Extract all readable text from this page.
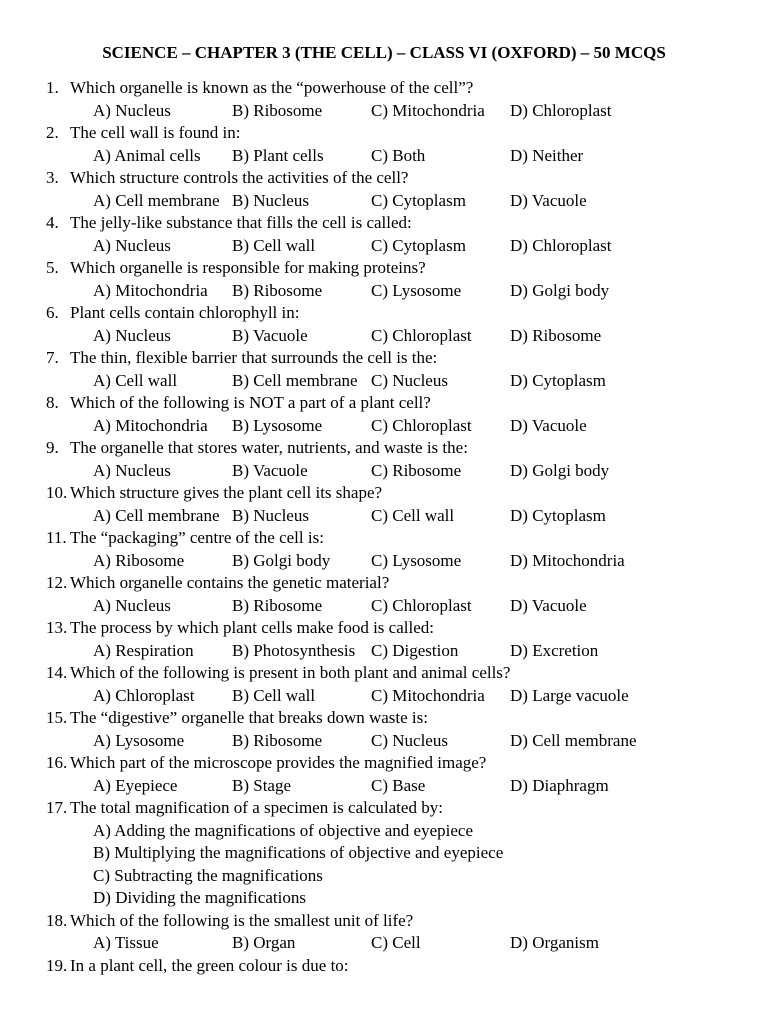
SCIENCE – CHAPTER 3 (THE CELL) – CLASS VI (OXFORD) – 50 MCQS
1. Which organelle is known as the “powerhouse of the cell”?
A) Nucleus	B) Ribosome	C) Mitochondria	D) Chloroplast
2. The cell wall is found in:
A) Animal cells	B) Plant cells	C) Both	D) Neither
3. Which structure controls the activities of the cell?
A) Cell membrane B) Nucleus	C) Cytoplasm	D) Vacuole
4. The jelly-like substance that fills the cell is called:
A) Nucleus	B) Cell wall	C) Cytoplasm	D) Chloroplast
5. Which organelle is responsible for making proteins?
A) Mitochondria	B) Ribosome	C) Lysosome	D) Golgi body
6. Plant cells contain chlorophyll in:
A) Nucleus	B) Vacuole	C) Chloroplast	D) Ribosome
7. The thin, flexible barrier that surrounds the cell is the:
A) Cell wall	B) Cell membrane C) Nucleus	D) Cytoplasm
8. Which of the following is NOT a part of a plant cell?
A) Mitochondria	B) Lysosome	C) Chloroplast	D) Vacuole
9. The organelle that stores water, nutrients, and waste is the:
A) Nucleus	B) Vacuole	C) Ribosome	D) Golgi body
10. Which structure gives the plant cell its shape?
A) Cell membrane B) Nucleus	C) Cell wall	D) Cytoplasm
11. The “packaging” centre of the cell is:
A) Ribosome	B) Golgi body	C) Lysosome	D) Mitochondria
12. Which organelle contains the genetic material?
A) Nucleus	B) Ribosome	C) Chloroplast	D) Vacuole
13. The process by which plant cells make food is called:
A) Respiration	B) Photosynthesis C) Digestion	D) Excretion
14. Which of the following is present in both plant and animal cells?
A) Chloroplast	B) Cell wall	C) Mitochondria	D) Large vacuole
15. The “digestive” organelle that breaks down waste is:
A) Lysosome	B) Ribosome	C) Nucleus	D) Cell membrane
16. Which part of the microscope provides the magnified image?
A) Eyepiece	B) Stage	C) Base	D) Diaphragm
17. The total magnification of a specimen is calculated by:
A) Adding the magnifications of objective and eyepiece
B) Multiplying the magnifications of objective and eyepiece
C) Subtracting the magnifications
D) Dividing the magnifications
18. Which of the following is the smallest unit of life?
A) Tissue	B) Organ	C) Cell	D) Organism
19. In a plant cell, the green colour is due to:
